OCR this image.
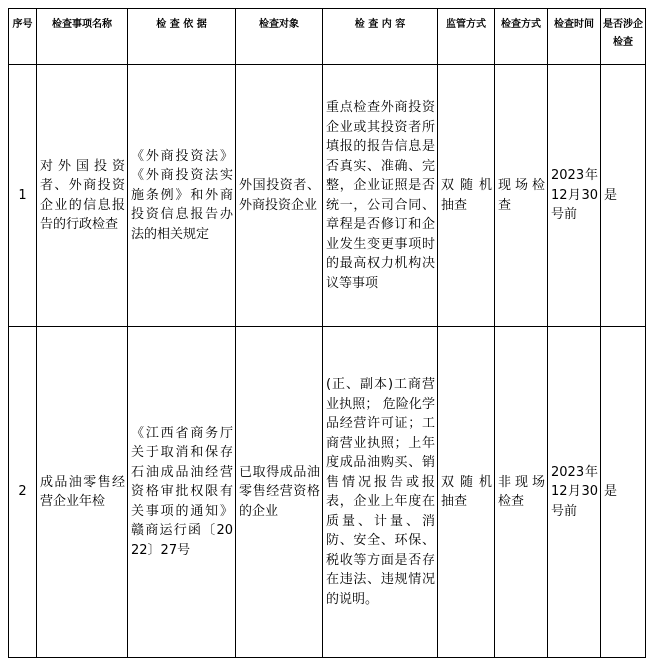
序号	检查事项名称	检 查 依 据	检查对象	检 查 内 容	监管方式	检查方式	检查时间	是否涉企检查
1	对外国投资者、外商投资企业的信息报告的行政检查	《外商投资法》《外商投资法实施条例》和外商投资信息报告办法的相关规定	外国投资者、外商投资企业	重点检查外商投资企业或其投资者所填报的报告信息是否真实、准确、完整，企业证照是否统一，公司合同、章程是否修订和企业发生变更事项时的最高权力机构决议等事项	双随机抽查	现场检查	2023年12月30号前	是
2	成品油零售经营企业年检	《江西省商务厅关于取消和保存石油成品油经营资格审批权限有关事项的通知》赣商运行函〔2022〕27号	已取得成品油零售经营资格的企业	(正、副本)工商营业执照； 危险化学品经营许可证；工商营业执照；上年度成品油购买、销售情况报告或报表，企业上年度在质量、计量、消防、安全、环保、税收等方面是否存在违法、违规情况的说明。	双随机抽查	非现场检查	2023年12月30号前	是
